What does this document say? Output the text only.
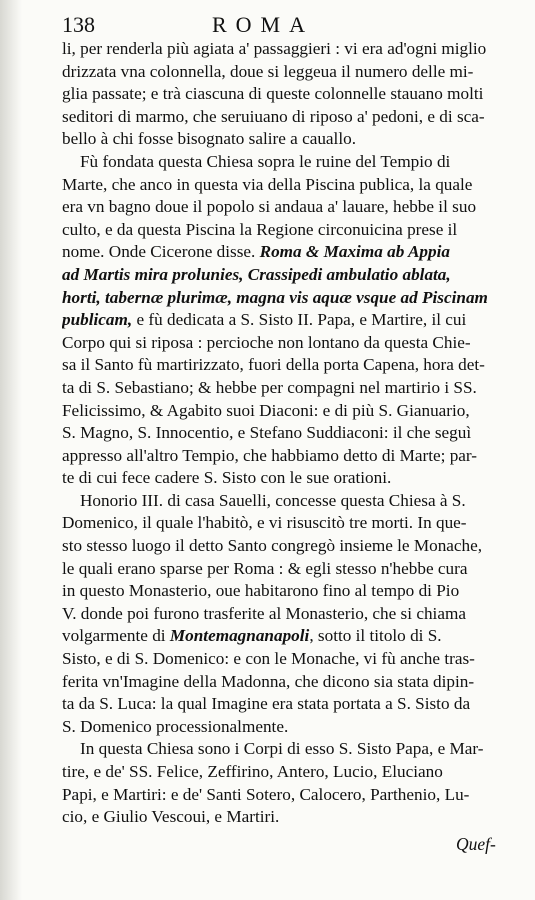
138	ROMA
li, per renderla più agiata a' passaggieri : vi era ad'ogni miglio
drizzata vna colonnella, doue si leggeua il numero delle mi-
glia passate; e trà ciascuna di queste colonnelle stauano molti
seditori di marmo, che seruiuano di riposo a' pedoni, e di sca-
bello à chi fosse bisognato salire a cauallo.
Fù fondata questa Chiesa sopra le ruine del Tempio di
Marte, che anco in questa via della Piscina publica, la quale
era vn bagno doue il popolo si andaua a' lauare, hebbe il suo
culto, e da questa Piscina la Regione circonuicina prese il
nome. Onde Cicerone disse. Roma & Maxima ab Appia
ad Martis mira prolunies, Crassipedi ambulatio ablata,
horti, tabernæ plurimæ, magna vis aquæ vsque ad Piscinam
publicam, e fù dedicata a S. Sisto II. Papa, e Martire, il cui
Corpo qui si riposa : percioche non lontano da questa Chie-
sa il Santo fù martirizzato, fuori della porta Capena, hora det-
ta di S. Sebastiano; & hebbe per compagni nel martirio i SS.
Felicissimo, & Agabito suoi Diaconi: e di più S. Gianuario,
S. Magno, S. Innocentio, e Stefano Suddiaconi: il che seguì
appresso all'altro Tempio, che habbiamo detto di Marte; par-
te di cui fece cadere S. Sisto con le sue orationi.
Honorio III. di casa Sauelli, concesse questa Chiesa à S.
Domenico, il quale l'habitò, e vi risuscitò tre morti. In que-
sto stesso luogo il detto Santo congregò insieme le Monache,
le quali erano sparse per Roma : & egli stesso n'hebbe cura
in questo Monasterio, oue habitarono fino al tempo di Pio
V. donde poi furono trasferite al Monasterio, che si chiama
volgarmente di Montemagnanapoli, sotto il titolo di S.
Sisto, e di S. Domenico: e con le Monache, vi fù anche tras-
ferita vn'Imagine della Madonna, che dicono sia stata dipin-
ta da S. Luca: la qual Imagine era stata portata a S. Sisto da
S. Domenico processionalmente.
In questa Chiesa sono i Corpi di esso S. Sisto Papa, e Mar-
tire, e de' SS. Felice, Zeffirino, Antero, Lucio, Eluciano
Papi, e Martiri: e de' Santi Sotero, Calocero, Parthenio, Lu-
cio, e Giulio Vescoui, e Martiri.
Quef-
